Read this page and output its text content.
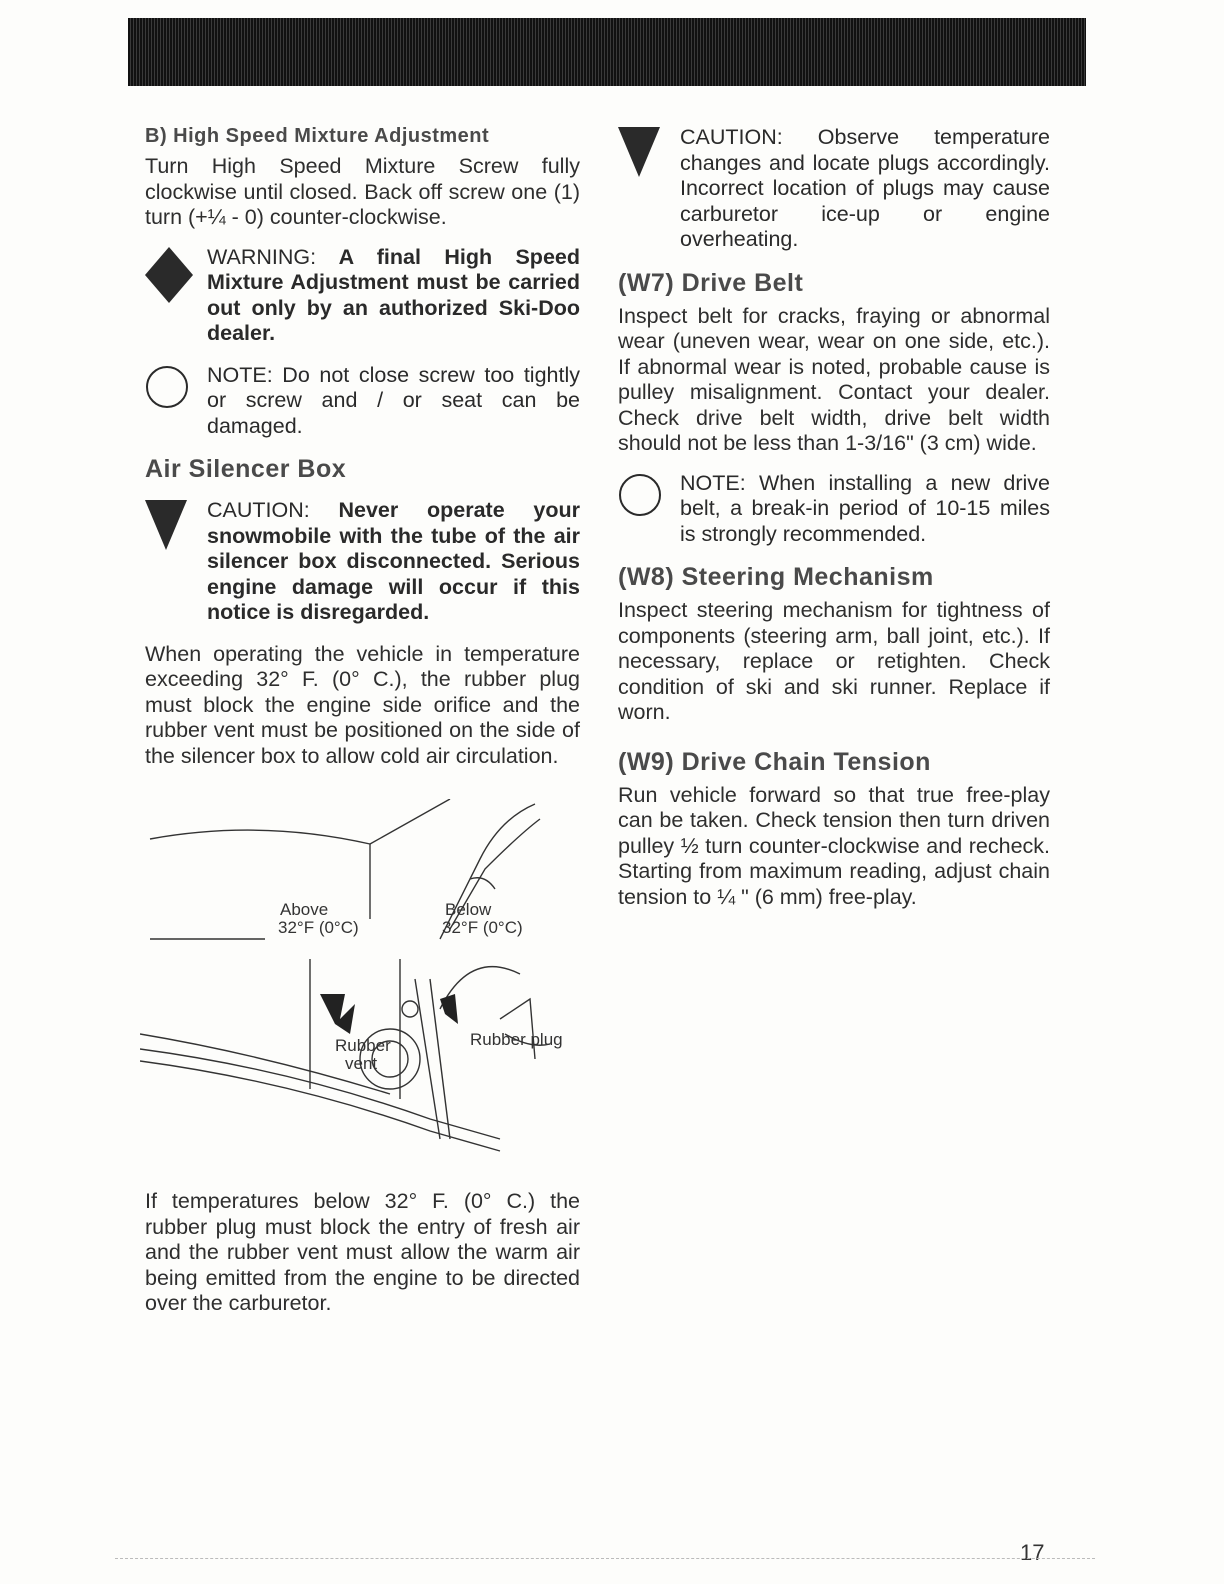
B) High Speed Mixture Adjustment

Turn High Speed Mixture Screw fully clockwise until closed. Back off screw one (1) turn (+¼ - 0) counter-clockwise.

WARNING: A final High Speed Mixture Adjustment must be carried out only by an authorized Ski-Doo dealer.
NOTE: Do not close screw too tightly or screw and / or seat can be damaged.
Air Silencer Box
CAUTION: Never operate your snowmobile with the tube of the air silencer box disconnected. Serious engine damage will occur if this notice is disregarded.

When operating the vehicle in temperature exceeding 32° F. (0° C.), the rubber plug must block the engine side orifice and the rubber vent must be positioned on the side of the silencer box to allow cold air circulation.

Above
32°F (0°C)
Below
32°F (0°C)
Rubber
vent
Rubber plug

If temperatures below 32° F. (0° C.) the rubber plug must block the entry of fresh air and the rubber vent must allow the warm air being emitted from the engine to be directed over the carburetor.

CAUTION: Observe temperature changes and locate plugs accordingly. Incorrect location of plugs may cause carburetor ice-up or engine overheating.
(W7) Drive Belt

Inspect belt for cracks, fraying or abnormal wear (uneven wear, wear on one side, etc.). If abnormal wear is noted, probable cause is pulley misalignment. Contact your dealer. Check drive belt width, drive belt width should not be less than 1-3/16" (3 cm) wide.

NOTE: When installing a new drive belt, a break-in period of 10-15 miles is strongly recommended.
(W8) Steering Mechanism

Inspect steering mechanism for tightness of components (steering arm, ball joint, etc.). If necessary, replace or retighten. Check condition of ski and ski runner. Replace if worn.

(W9) Drive Chain Tension

Run vehicle forward so that true free-play can be taken. Check tension then turn driven pulley ½ turn counter-clockwise and recheck. Starting from maximum reading, adjust chain tension to ¼ " (6 mm) free-play.

17
